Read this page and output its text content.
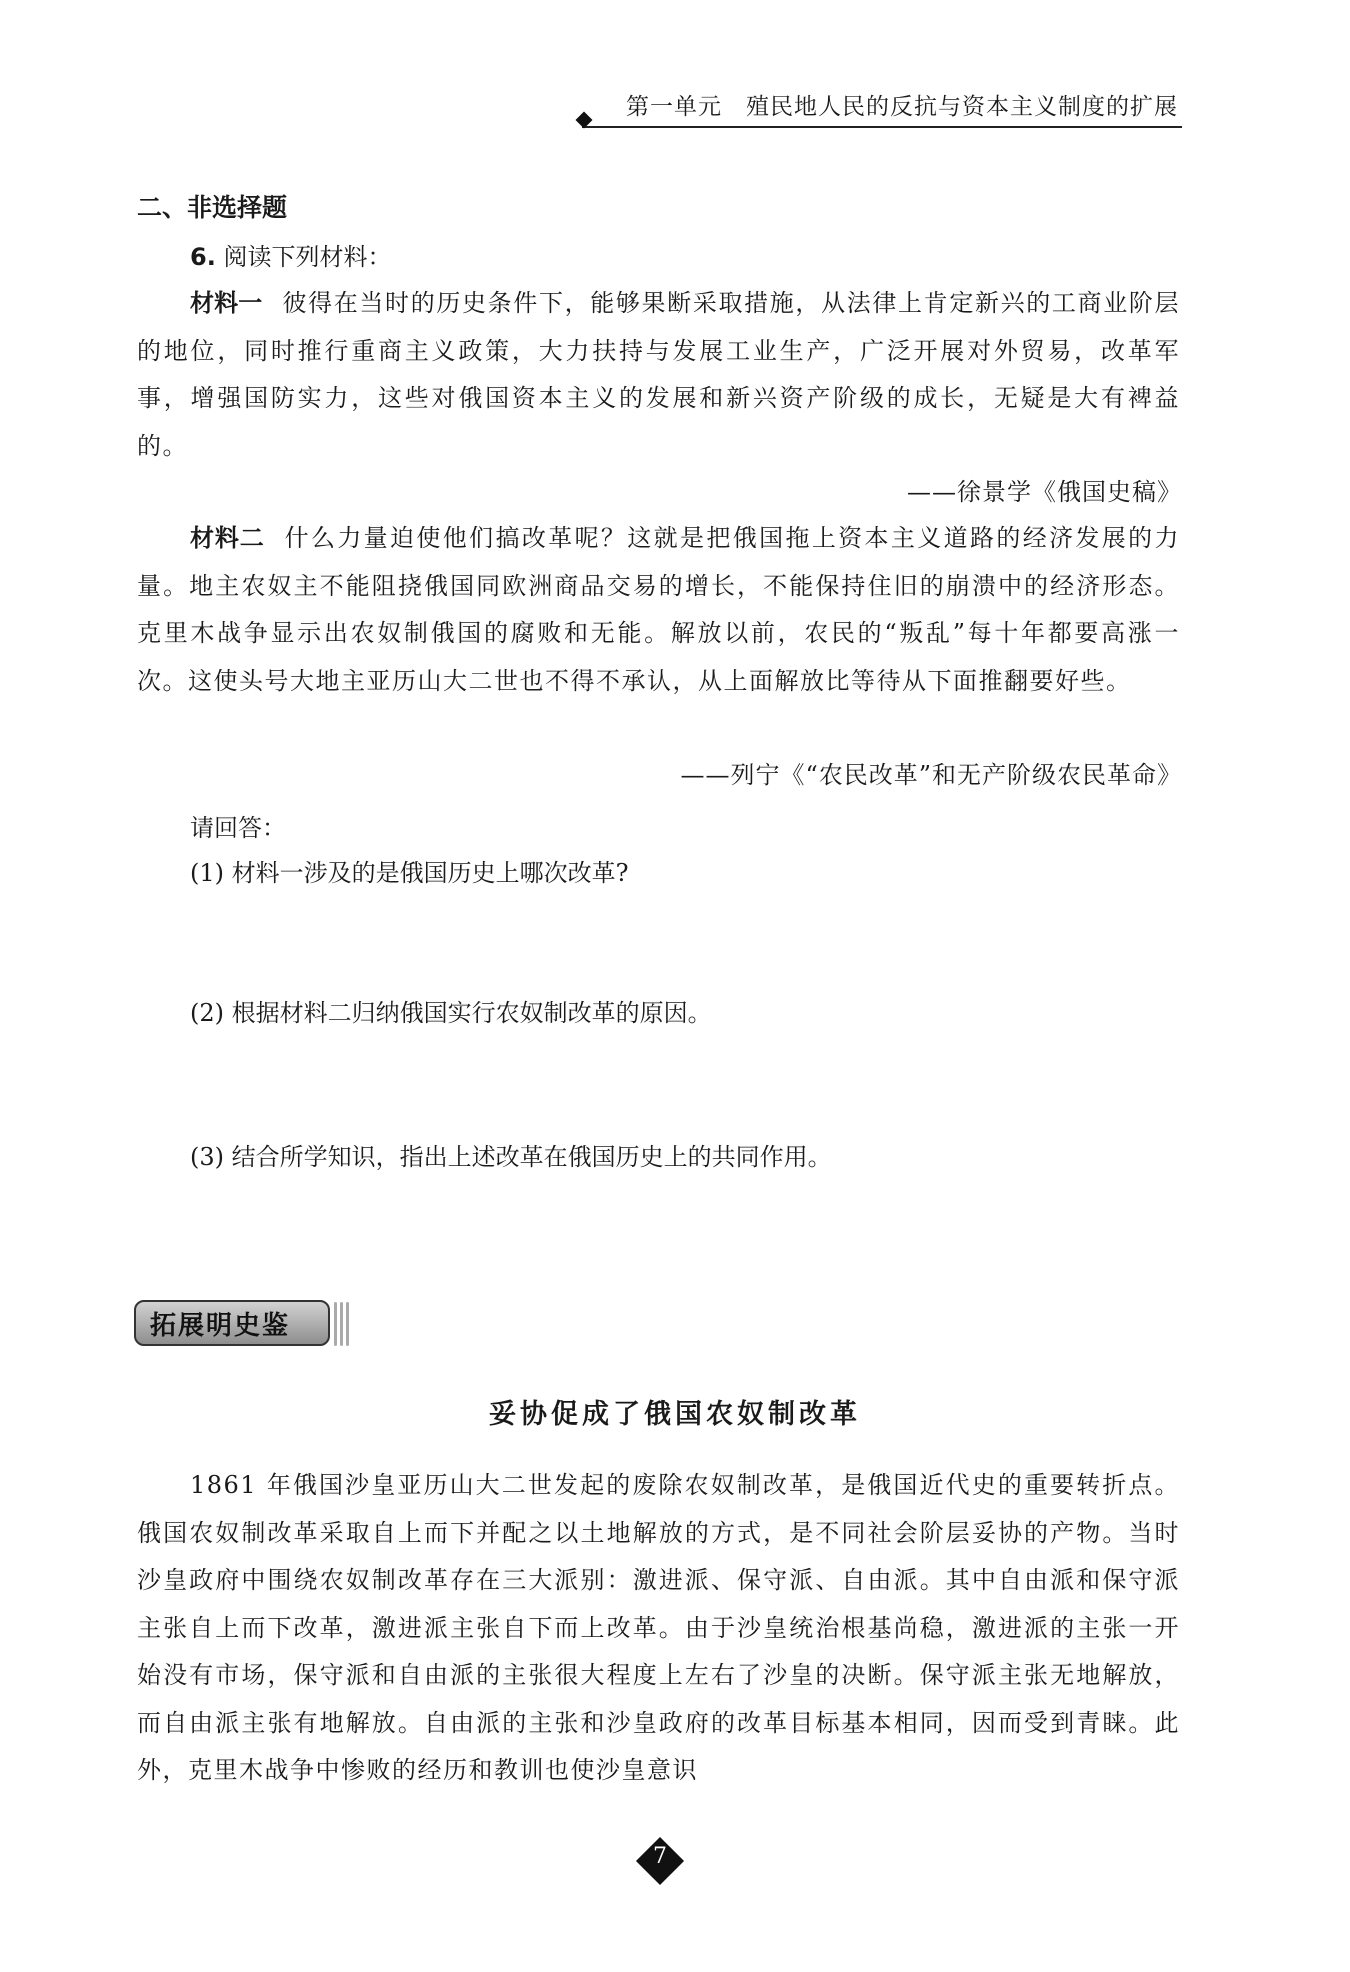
第一单元　殖民地人民的反抗与资本主义制度的扩展
二、非选择题
6. 阅读下列材料：
材料一 彼得在当时的历史条件下，能够果断采取措施，从法律上肯定新兴的工商业阶层的地位，同时推行重商主义政策，大力扶持与发展工业生产，广泛开展对外贸易，改革军事，增强国防实力，这些对俄国资本主义的发展和新兴资产阶级的成长，无疑是大有裨益的。
——徐景学《俄国史稿》
材料二 什么力量迫使他们搞改革呢？这就是把俄国拖上资本主义道路的经济发展的力量。地主农奴主不能阻挠俄国同欧洲商品交易的增长，不能保持住旧的崩溃中的经济形态。克里木战争显示出农奴制俄国的腐败和无能。解放以前，农民的“叛乱”每十年都要高涨一次。这使头号大地主亚历山大二世也不得不承认，从上面解放比等待从下面推翻要好些。
——列宁《“农民改革”和无产阶级农民革命》
请回答：
(1) 材料一涉及的是俄国历史上哪次改革?
(2) 根据材料二归纳俄国实行农奴制改革的原因。
(3) 结合所学知识，指出上述改革在俄国历史上的共同作用。
拓展明史鉴
妥协促成了俄国农奴制改革
1861 年俄国沙皇亚历山大二世发起的废除农奴制改革，是俄国近代史的重要转折点。俄国农奴制改革采取自上而下并配之以土地解放的方式，是不同社会阶层妥协的产物。当时沙皇政府中围绕农奴制改革存在三大派别：激进派、保守派、自由派。其中自由派和保守派主张自上而下改革，激进派主张自下而上改革。由于沙皇统治根基尚稳，激进派的主张一开始没有市场，保守派和自由派的主张很大程度上左右了沙皇的决断。保守派主张无地解放，而自由派主张有地解放。自由派的主张和沙皇政府的改革目标基本相同，因而受到青睐。此外，克里木战争中惨败的经历和教训也使沙皇意识
7
